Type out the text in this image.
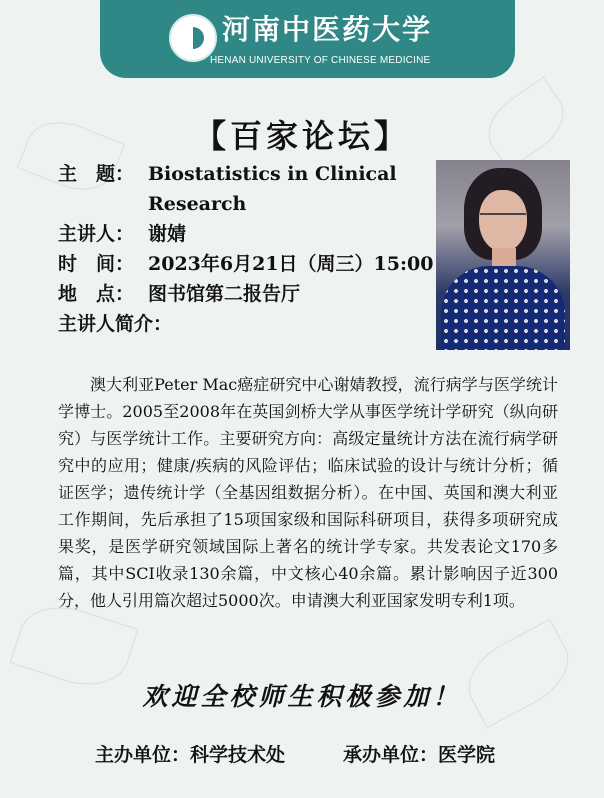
河南中医药大学
HENAN UNIVERSITY OF CHINESE MEDICINE
【百家论坛】
主　题： Biostatistics in Clinical Research
主讲人： 谢婧
时　间： 2023年6月21日（周三）15:00
地　点： 图书馆第二报告厅
主讲人简介：

澳大利亚Peter Mac癌症研究中心谢婧教授，流行病学与医学统计学博士。2005至2008年在英国剑桥大学从事医学统计学研究（纵向研究）与医学统计工作。主要研究方向：高级定量统计方法在流行病学研究中的应用；健康/疾病的风险评估；临床试验的设计与统计分析；循证医学；遗传统计学（全基因组数据分析）。在中国、英国和澳大利亚工作期间，先后承担了15项国家级和国际科研项目，获得多项研究成果奖，是医学研究领域国际上著名的统计学专家。共发表论文170多篇，其中SCI收录130余篇，中文核心40余篇。累计影响因子近300分，他人引用篇次超过5000次。申请澳大利亚国家发明专利1项。

欢迎全校师生积极参加！
主办单位：科学技术处	承办单位：医学院
